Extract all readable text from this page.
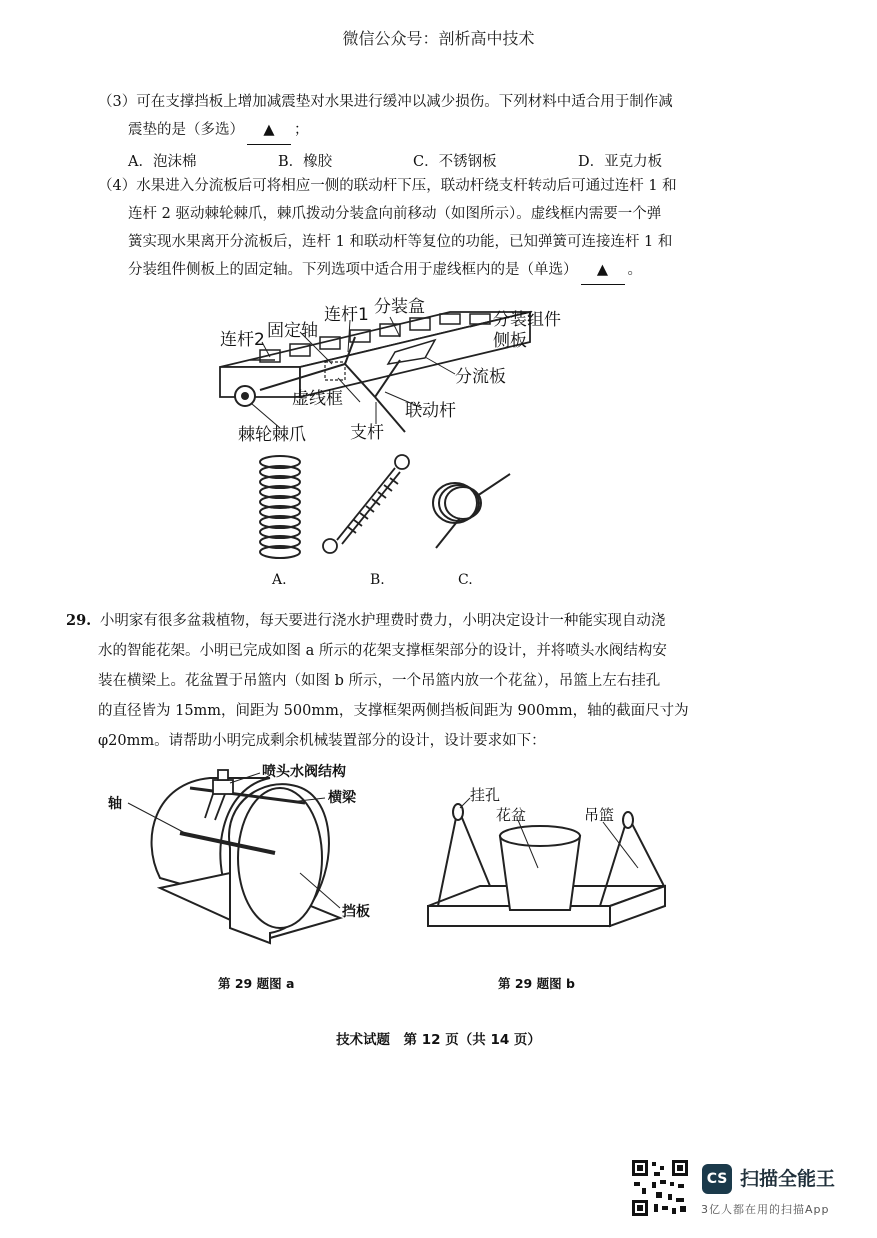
微信公众号：剖析高中技术
（3）可在支撑挡板上增加减震垫对水果进行缓冲以减少损伤。下列材料中适合用于制作减
震垫的是（多选） ▲ ；
A．泡沫棉	B．橡胶	C．不锈钢板	D．亚克力板
（4）水果进入分流板后可将相应一侧的联动杆下压，联动杆绕支杆转动后可通过连杆 1 和
连杆 2 驱动棘轮棘爪，棘爪拨动分装盒向前移动（如图所示）。虚线框内需要一个弹
簧实现水果离开分流板后，连杆 1 和联动杆等复位的功能，已知弹簧可连接连杆 1 和
分装组件侧板上的固定轴。下列选项中适合用于虚线框内的是（单选） ▲ 。
连杆2 固定轴
连杆1 分装盒
分装组件
侧板
分流板
虚线框
联动杆
棘轮棘爪	支杆
A.	B.	C.
29. 小明家有很多盆栽植物，每天要进行浇水护理费时费力，小明决定设计一种能实现自动浇
水的智能花架。小明已完成如图 a 所示的花架支撑框架部分的设计，并将喷头水阀结构安
装在横梁上。花盆置于吊篮内（如图 b 所示，一个吊篮内放一个花盆），吊篮上左右挂孔
的直径皆为 15mm，间距为 500mm，支撑框架两侧挡板间距为 900mm，轴的截面尺寸为
φ20mm。请帮助小明完成剩余机械装置部分的设计，设计要求如下：
喷头水阀结构
轴	横梁
挡板
第 29 题图 a
挂孔
花盆	吊篮
第 29 题图 b
技术试题　第 12 页（共 14 页）
CS 扫描全能王
3亿人都在用的扫描App
